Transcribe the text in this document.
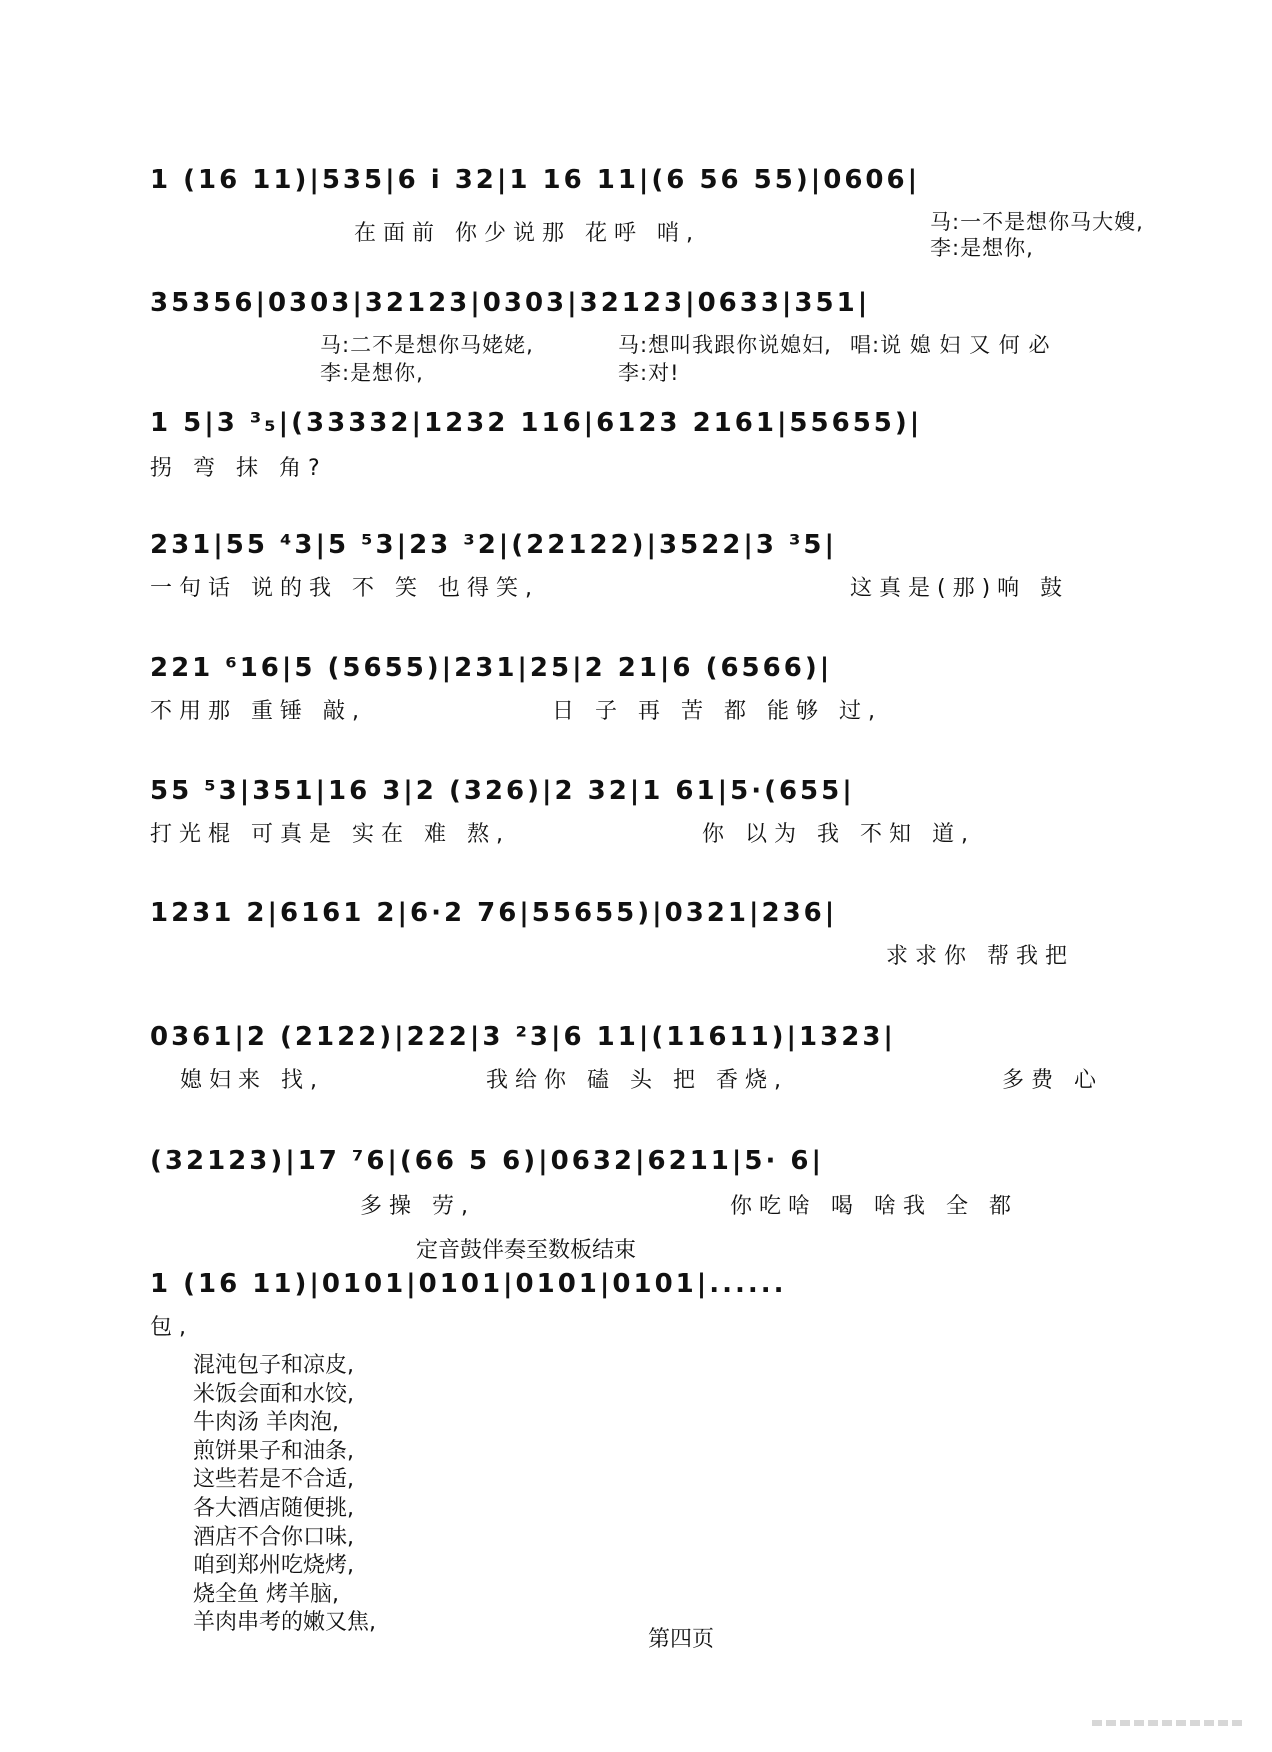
1 (16 11)|535|6 i 32|1 16 11|(6 56 55)|0606|
在面前 你少说那 花呼 哨,	马:一不是想你马大嫂,
李:是想你,
35356|0303|32123|0303|32123|0633|351|
马:二不是想你马姥姥,	马:想叫我跟你说媳妇, 唱:说 媳 妇 又 何 必
李:是想你,	李:对!
1 5|3 ³₅|(33332|1232 116|6123 2161|55655)|
拐 弯 抹 角?
231|55 ⁴3|5 ⁵3|23 ³2|(22122)|3522|3 ³5|
一句话 说的我 不 笑 也得笑,	这真是(那)响 鼓
221 ⁶16|5 (5655)|231|25|2 21|6 (6566)|
不用那 重锤 敲,	日 子 再 苦 都 能够 过,
55 ⁵3|351|16 3|2 (326)|2 32|1 61|5·(655|
打光棍 可真是 实在 难 熬,	你 以为 我 不知 道,
1231 2|6161 2|6·2 76|55655)|0321|236|
求求你 帮我把
0361|2 (2122)|222|3 ²3|6 11|(11611)|1323|
媳妇来 找,	我给你 磕 头 把 香烧,	多费 心
(32123)|17 ⁷6|(66 5 6)|0632|6211|5· 6|
多操 劳,	你吃啥 喝 啥我 全 都
定音鼓伴奏至数板结束
1 (16 11)|0101|0101|0101|0101|......
包,
混沌包子和凉皮,
米饭会面和水饺,
牛肉汤 羊肉泡,
煎饼果子和油条,
这些若是不合适,
各大酒店随便挑,
酒店不合你口味,
咱到郑州吃烧烤,
烧全鱼 烤羊脑,
羊肉串考的嫩又焦,
第四页
